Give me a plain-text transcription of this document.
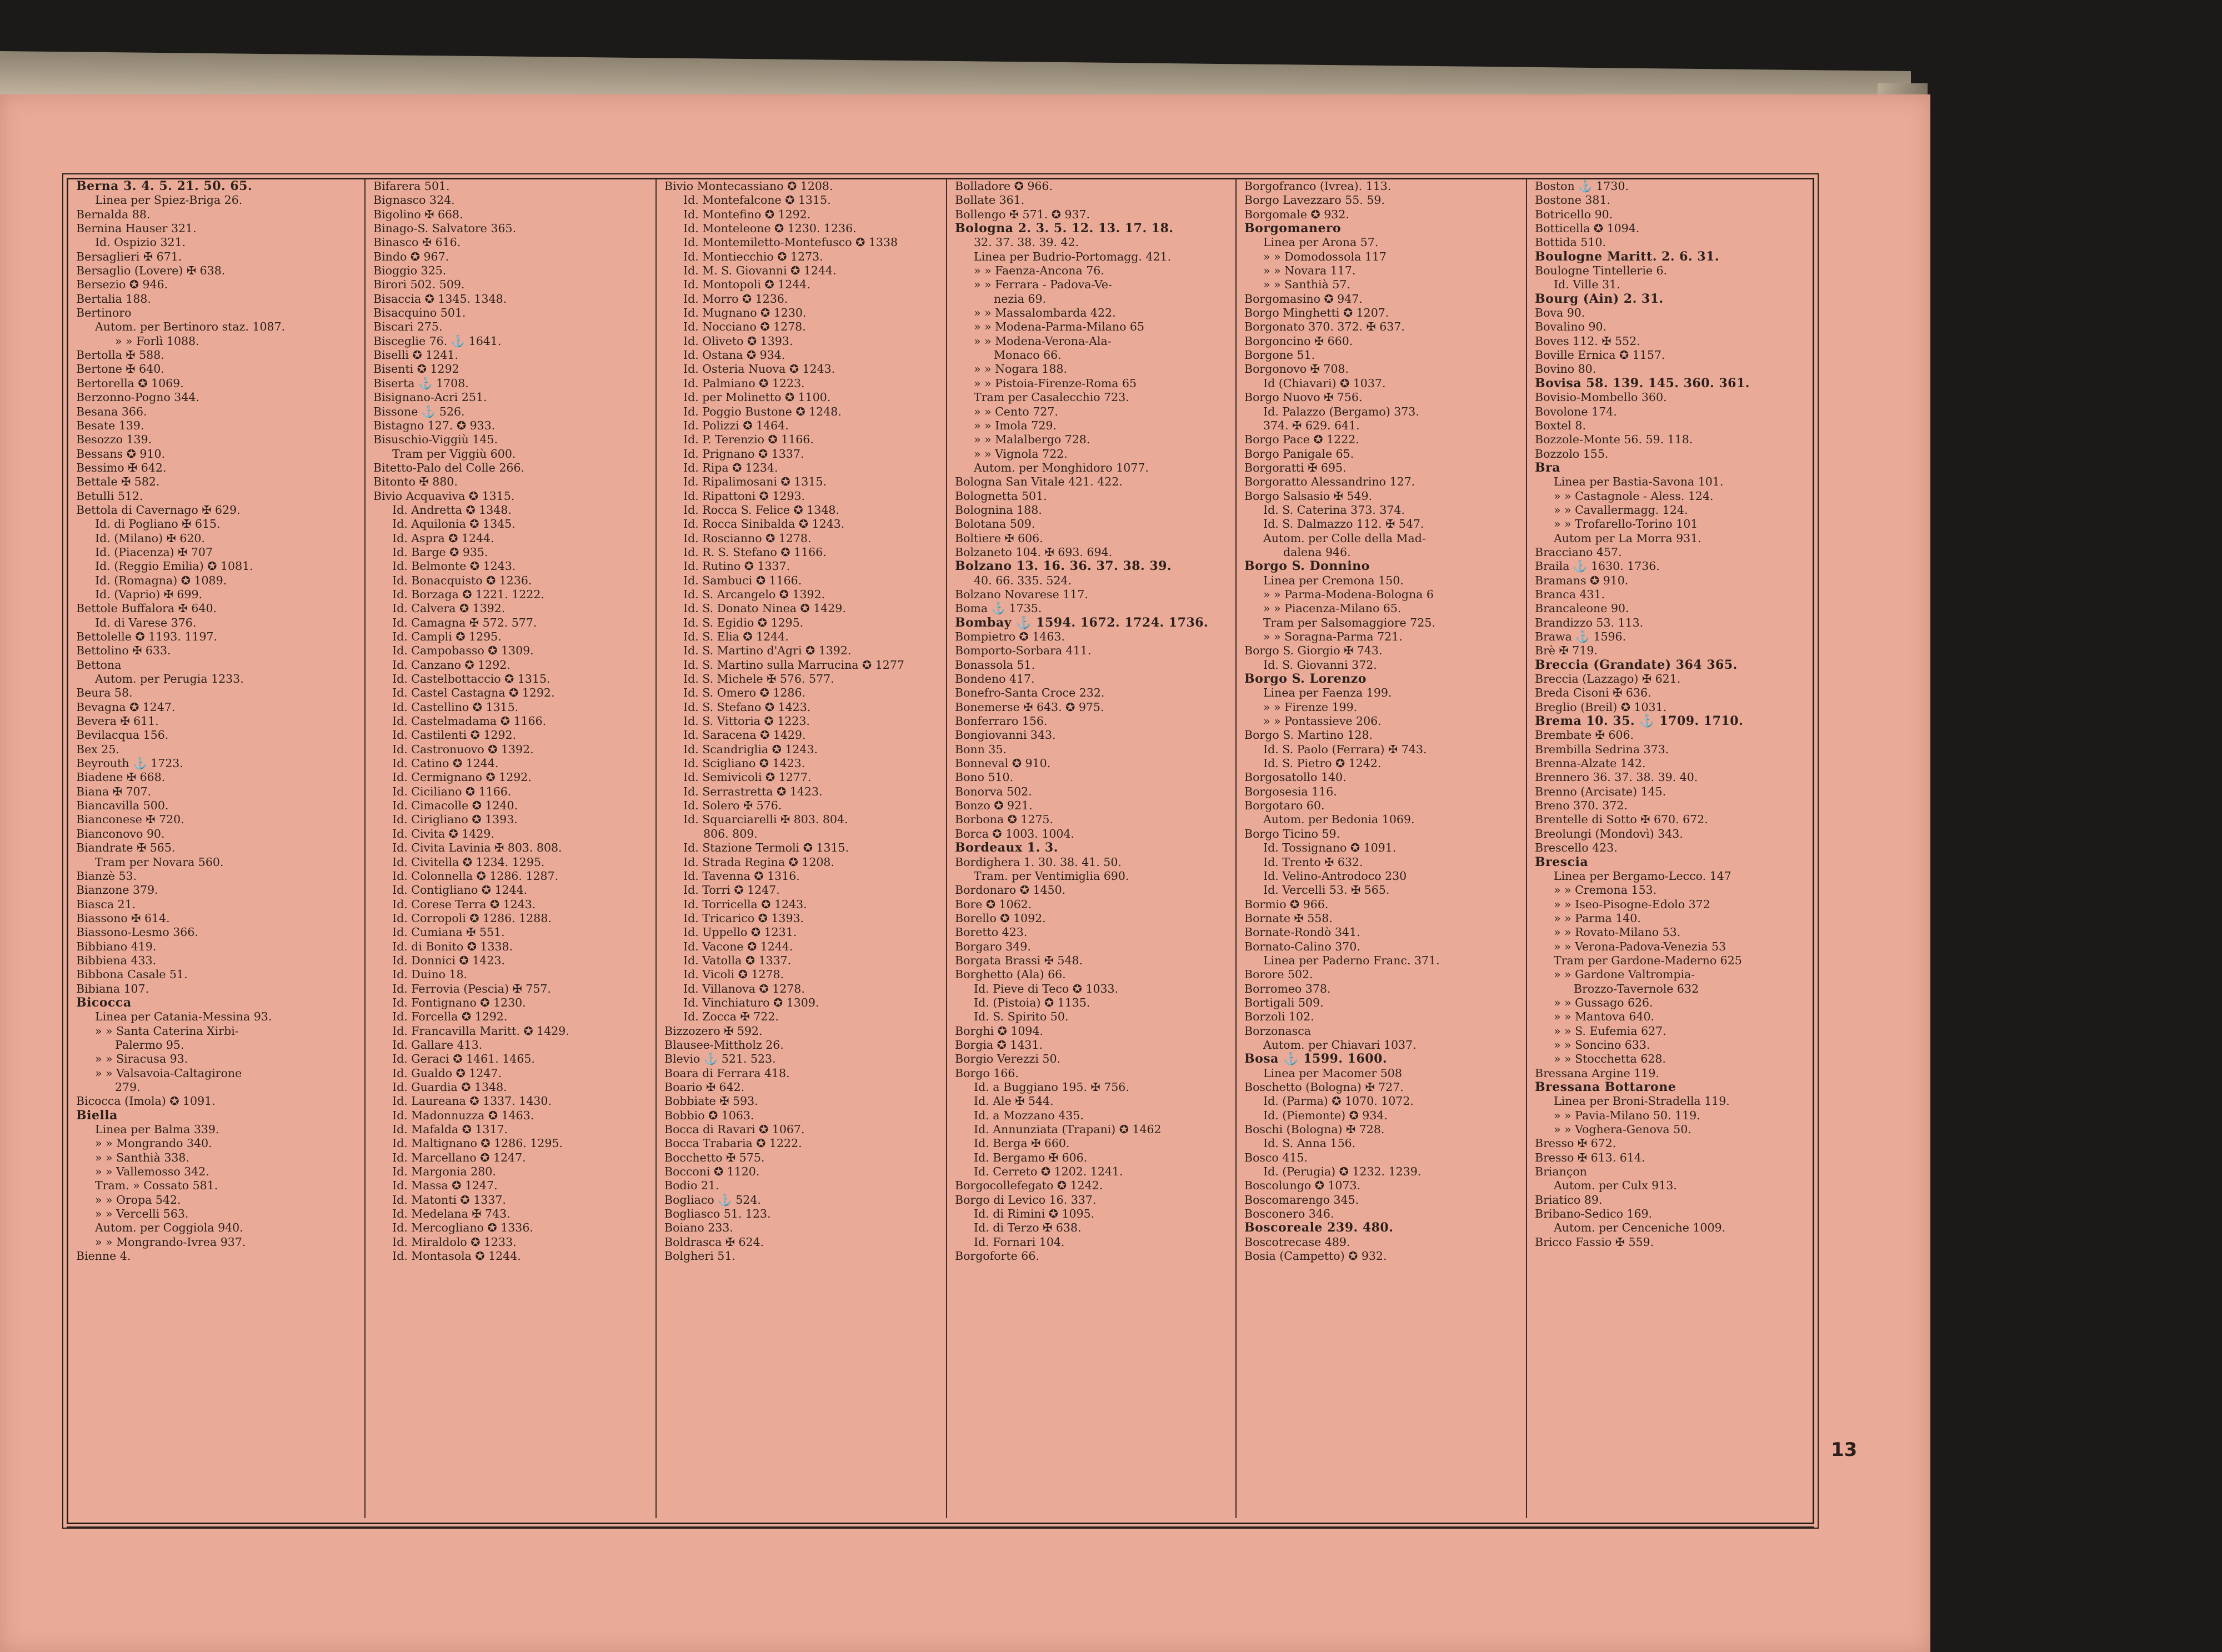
Berna 3. 4. 5. 21. 50. 65.
Linea per Spiez-Briga 26.
Bernalda 88.
Bernina Hauser 321.
Id. Ospizio 321.
Bersaglieri ✠ 671.
Bersaglio (Lovere) ✠ 638.
Bersezio ✪ 946.
Bertalia 188.
Bertinoro
Autom. per Bertinoro staz. 1087.
» » Forlì 1088.
Bertolla ✠ 588.
Bertone ✠ 640.
Bertorella ✪ 1069.
Berzonno-Pogno 344.
Besana 366.
Besate 139.
Besozzo 139.
Bessans ✪ 910.
Bessimo ✠ 642.
Bettale ✠ 582.
Betulli 512.
Bettola di Cavernago ✠ 629.
Id. di Pogliano ✠ 615.
Id. (Milano) ✠ 620.
Id. (Piacenza) ✠ 707
Id. (Reggio Emilia) ✪ 1081.
Id. (Romagna) ✪ 1089.
Id. (Vaprio) ✠ 699.
Bettole Buffalora ✠ 640.
Id. di Varese 376.
Bettolelle ✪ 1193. 1197.
Bettolino ✠ 633.
Bettona
Autom. per Perugia 1233.
Beura 58.
Bevagna ✪ 1247.
Bevera ✠ 611.
Bevilacqua 156.
Bex 25.
Beyrouth ⚓ 1723.
Biadene ✠ 668.
Biana ✠ 707.
Biancavilla 500.
Bianconese ✠ 720.
Bianconovo 90.
Biandrate ✠ 565.
Tram per Novara 560.
Bianzè 53.
Bianzone 379.
Biasca 21.
Biassono ✠ 614.
Biassono-Lesmo 366.
Bibbiano 419.
Bibbiena 433.
Bibbona Casale 51.
Bibiana 107.
Bicocca
Linea per Catania-Messina 93.
» » Santa Caterina Xirbi-
Palermo 95.
» » Siracusa 93.
» » Valsavoia-Caltagirone
279.
Bicocca (Imola) ✪ 1091.
Biella
Linea per Balma 339.
» » Mongrando 340.
» » Santhià 338.
» » Vallemosso 342.
Tram. » Cossato 581.
» » Oropa 542.
» » Vercelli 563.
Autom. per Coggiola 940.
» » Mongrando-Ivrea 937.
Bienne 4.
Bifarera 501.
Bignasco 324.
Bigolino ✠ 668.
Binago-S. Salvatore 365.
Binasco ✠ 616.
Bindo ✪ 967.
Bioggio 325.
Birori 502. 509.
Bisaccia ✪ 1345. 1348.
Bisacquino 501.
Biscari 275.
Bisceglie 76. ⚓ 1641.
Biselli ✪ 1241.
Bisenti ✪ 1292
Biserta ⚓ 1708.
Bisignano-Acri 251.
Bissone ⚓ 526.
Bistagno 127. ✪ 933.
Bisuschio-Viggiù 145.
Tram per Viggiù 600.
Bitetto-Palo del Colle 266.
Bitonto ✠ 880.
Bivio Acquaviva ✪ 1315.
Id. Andretta ✪ 1348.
Id. Aquilonia ✪ 1345.
Id. Aspra ✪ 1244.
Id. Barge ✪ 935.
Id. Belmonte ✪ 1243.
Id. Bonacquisto ✪ 1236.
Id. Borzaga ✪ 1221. 1222.
Id. Calvera ✪ 1392.
Id. Camagna ✠ 572. 577.
Id. Campli ✪ 1295.
Id. Campobasso ✪ 1309.
Id. Canzano ✪ 1292.
Id. Castelbottaccio ✪ 1315.
Id. Castel Castagna ✪ 1292.
Id. Castellino ✪ 1315.
Id. Castelmadama ✪ 1166.
Id. Castilenti ✪ 1292.
Id. Castronuovo ✪ 1392.
Id. Catino ✪ 1244.
Id. Cermignano ✪ 1292.
Id. Ciciliano ✪ 1166.
Id. Cimacolle ✪ 1240.
Id. Cirigliano ✪ 1393.
Id. Civita ✪ 1429.
Id. Civita Lavinia ✠ 803. 808.
Id. Civitella ✪ 1234. 1295.
Id. Colonnella ✪ 1286. 1287.
Id. Contigliano ✪ 1244.
Id. Corese Terra ✪ 1243.
Id. Corropoli ✪ 1286. 1288.
Id. Cumiana ✠ 551.
Id. di Bonito ✪ 1338.
Id. Donnici ✪ 1423.
Id. Duino 18.
Id. Ferrovia (Pescia) ✠ 757.
Id. Fontignano ✪ 1230.
Id. Forcella ✪ 1292.
Id. Francavilla Maritt. ✪ 1429.
Id. Gallare 413.
Id. Geraci ✪ 1461. 1465.
Id. Gualdo ✪ 1247.
Id. Guardia ✪ 1348.
Id. Laureana ✪ 1337. 1430.
Id. Madonnuzza ✪ 1463.
Id. Mafalda ✪ 1317.
Id. Maltignano ✪ 1286. 1295.
Id. Marcellano ✪ 1247.
Id. Margonia 280.
Id. Massa ✪ 1247.
Id. Matonti ✪ 1337.
Id. Medelana ✠ 743.
Id. Mercogliano ✪ 1336.
Id. Miraldolo ✪ 1233.
Id. Montasola ✪ 1244.
Bivio Montecassiano ✪ 1208.
Id. Montefalcone ✪ 1315.
Id. Montefino ✪ 1292.
Id. Monteleone ✪ 1230. 1236.
Id. Montemiletto-Montefusco ✪ 1338
Id. Montiecchio ✪ 1273.
Id. M. S. Giovanni ✪ 1244.
Id. Montopoli ✪ 1244.
Id. Morro ✪ 1236.
Id. Mugnano ✪ 1230.
Id. Nocciano ✪ 1278.
Id. Oliveto ✪ 1393.
Id. Ostana ✪ 934.
Id. Osteria Nuova ✪ 1243.
Id. Palmiano ✪ 1223.
Id. per Molinetto ✪ 1100.
Id. Poggio Bustone ✪ 1248.
Id. Polizzi ✪ 1464.
Id. P. Terenzio ✪ 1166.
Id. Prignano ✪ 1337.
Id. Ripa ✪ 1234.
Id. Ripalimosani ✪ 1315.
Id. Ripattoni ✪ 1293.
Id. Rocca S. Felice ✪ 1348.
Id. Rocca Sinibalda ✪ 1243.
Id. Roscianno ✪ 1278.
Id. R. S. Stefano ✪ 1166.
Id. Rutino ✪ 1337.
Id. Sambuci ✪ 1166.
Id. S. Arcangelo ✪ 1392.
Id. S. Donato Ninea ✪ 1429.
Id. S. Egidio ✪ 1295.
Id. S. Elia ✪ 1244.
Id. S. Martino d'Agri ✪ 1392.
Id. S. Martino sulla Marrucina ✪ 1277
Id. S. Michele ✠ 576. 577.
Id. S. Omero ✪ 1286.
Id. S. Stefano ✪ 1423.
Id. S. Vittoria ✪ 1223.
Id. Saracena ✪ 1429.
Id. Scandriglia ✪ 1243.
Id. Scigliano ✪ 1423.
Id. Semivicoli ✪ 1277.
Id. Serrastretta ✪ 1423.
Id. Solero ✠ 576.
Id. Squarciarelli ✠ 803. 804.
806. 809.
Id. Stazione Termoli ✪ 1315.
Id. Strada Regina ✪ 1208.
Id. Tavenna ✪ 1316.
Id. Torri ✪ 1247.
Id. Torricella ✪ 1243.
Id. Tricarico ✪ 1393.
Id. Uppello ✪ 1231.
Id. Vacone ✪ 1244.
Id. Vatolla ✪ 1337.
Id. Vicoli ✪ 1278.
Id. Villanova ✪ 1278.
Id. Vinchiaturo ✪ 1309.
Id. Zocca ✠ 722.
Bizzozero ✠ 592.
Blausee-Mittholz 26.
Blevio ⚓ 521. 523.
Boara di Ferrara 418.
Boario ✠ 642.
Bobbiate ✠ 593.
Bobbio ✪ 1063.
Bocca di Ravari ✪ 1067.
Bocca Trabaria ✪ 1222.
Bocchetto ✠ 575.
Bocconi ✪ 1120.
Bodio 21.
Bogliaco ⚓ 524.
Bogliasco 51. 123.
Boiano 233.
Boldrasca ✠ 624.
Bolgheri 51.
Bolladore ✪ 966.
Bollate 361.
Bollengo ✠ 571. ✪ 937.
Bologna 2. 3. 5. 12. 13. 17. 18.
32. 37. 38. 39. 42.
Linea per Budrio-Portomagg. 421.
» » Faenza-Ancona 76.
» » Ferrara - Padova-Ve-
nezia 69.
» » Massalombarda 422.
» » Modena-Parma-Milano 65
» » Modena-Verona-Ala-
Monaco 66.
» » Nogara 188.
» » Pistoia-Firenze-Roma 65
Tram per Casalecchio 723.
» » Cento 727.
» » Imola 729.
» » Malalbergo 728.
» » Vignola 722.
Autom. per Monghidoro 1077.
Bologna San Vitale 421. 422.
Bolognetta 501.
Bolognina 188.
Bolotana 509.
Boltiere ✠ 606.
Bolzaneto 104. ✠ 693. 694.
Bolzano 13. 16. 36. 37. 38. 39.
40. 66. 335. 524.
Bolzano Novarese 117.
Boma ⚓ 1735.
Bombay ⚓ 1594. 1672. 1724. 1736.
Bompietro ✪ 1463.
Bomporto-Sorbara 411.
Bonassola 51.
Bondeno 417.
Bonefro-Santa Croce 232.
Bonemerse ✠ 643. ✪ 975.
Bonferraro 156.
Bongiovanni 343.
Bonn 35.
Bonneval ✪ 910.
Bono 510.
Bonorva 502.
Bonzo ✪ 921.
Borbona ✪ 1275.
Borca ✪ 1003. 1004.
Bordeaux 1. 3.
Bordighera 1. 30. 38. 41. 50.
Tram. per Ventimiglia 690.
Bordonaro ✪ 1450.
Bore ✪ 1062.
Borello ✪ 1092.
Boretto 423.
Borgaro 349.
Borgata Brassi ✠ 548.
Borghetto (Ala) 66.
Id. Pieve di Teco ✪ 1033.
Id. (Pistoia) ✪ 1135.
Id. S. Spirito 50.
Borghi ✪ 1094.
Borgia ✪ 1431.
Borgio Verezzi 50.
Borgo 166.
Id. a Buggiano 195. ✠ 756.
Id. Ale ✠ 544.
Id. a Mozzano 435.
Id. Annunziata (Trapani) ✪ 1462
Id. Berga ✠ 660.
Id. Bergamo ✠ 606.
Id. Cerreto ✪ 1202. 1241.
Borgocollefegato ✪ 1242.
Borgo di Levico 16. 337.
Id. di Rimini ✪ 1095.
Id. di Terzo ✠ 638.
Id. Fornari 104.
Borgoforte 66.
Borgofranco (Ivrea). 113.
Borgo Lavezzaro 55. 59.
Borgomale ✪ 932.
Borgomanero
Linea per Arona 57.
» » Domodossola 117
» » Novara 117.
» » Santhià 57.
Borgomasino ✪ 947.
Borgo Minghetti ✪ 1207.
Borgonato 370. 372. ✠ 637.
Borgoncino ✠ 660.
Borgone 51.
Borgonovo ✠ 708.
Id (Chiavari) ✪ 1037.
Borgo Nuovo ✠ 756.
Id. Palazzo (Bergamo) 373.
374. ✠ 629. 641.
Borgo Pace ✪ 1222.
Borgo Panigale 65.
Borgoratti ✠ 695.
Borgoratto Alessandrino 127.
Borgo Salsasio ✠ 549.
Id. S. Caterina 373. 374.
Id. S. Dalmazzo 112. ✠ 547.
Autom. per Colle della Mad-
dalena 946.
Borgo S. Donnino
Linea per Cremona 150.
» » Parma-Modena-Bologna 6
» » Piacenza-Milano 65.
Tram per Salsomaggiore 725.
» » Soragna-Parma 721.
Borgo S. Giorgio ✠ 743.
Id. S. Giovanni 372.
Borgo S. Lorenzo
Linea per Faenza 199.
» » Firenze 199.
» » Pontassieve 206.
Borgo S. Martino 128.
Id. S. Paolo (Ferrara) ✠ 743.
Id. S. Pietro ✪ 1242.
Borgosatollo 140.
Borgosesia 116.
Borgotaro 60.
Autom. per Bedonia 1069.
Borgo Ticino 59.
Id. Tossignano ✪ 1091.
Id. Trento ✠ 632.
Id. Velino-Antrodoco 230
Id. Vercelli 53. ✠ 565.
Bormio ✪ 966.
Bornate ✠ 558.
Bornate-Rondò 341.
Bornato-Calino 370.
Linea per Paderno Franc. 371.
Borore 502.
Borromeo 378.
Bortigali 509.
Borzoli 102.
Borzonasca
Autom. per Chiavari 1037.
Bosa ⚓ 1599. 1600.
Linea per Macomer 508
Boschetto (Bologna) ✠ 727.
Id. (Parma) ✪ 1070. 1072.
Id. (Piemonte) ✪ 934.
Boschi (Bologna) ✠ 728.
Id. S. Anna 156.
Bosco 415.
Id. (Perugia) ✪ 1232. 1239.
Boscolungo ✪ 1073.
Boscomarengo 345.
Bosconero 346.
Boscoreale 239. 480.
Boscotrecase 489.
Bosia (Campetto) ✪ 932.
Boston ⚓ 1730.
Bostone 381.
Botricello 90.
Botticella ✪ 1094.
Bottida 510.
Boulogne Maritt. 2. 6. 31.
Boulogne Tintellerie 6.
Id. Ville 31.
Bourg (Ain) 2. 31.
Bova 90.
Bovalino 90.
Boves 112. ✠ 552.
Boville Ernica ✪ 1157.
Bovino 80.
Bovisa 58. 139. 145. 360. 361.
Bovisio-Mombello 360.
Bovolone 174.
Boxtel 8.
Bozzole-Monte 56. 59. 118.
Bozzolo 155.
Bra
Linea per Bastia-Savona 101.
» » Castagnole - Aless. 124.
» » Cavallermagg. 124.
» » Trofarello-Torino 101
Autom per La Morra 931.
Bracciano 457.
Braila ⚓ 1630. 1736.
Bramans ✪ 910.
Branca 431.
Brancaleone 90.
Brandizzo 53. 113.
Brawa ⚓ 1596.
Brè ✠ 719.
Breccia (Grandate) 364 365.
Breccia (Lazzago) ✠ 621.
Breda Cisoni ✠ 636.
Breglio (Breil) ✪ 1031.
Brema 10. 35. ⚓ 1709. 1710.
Brembate ✠ 606.
Brembilla Sedrina 373.
Brenna-Alzate 142.
Brennero 36. 37. 38. 39. 40.
Brenno (Arcisate) 145.
Breno 370. 372.
Brentelle di Sotto ✠ 670. 672.
Breolungi (Mondovì) 343.
Brescello 423.
Brescia
Linea per Bergamo-Lecco. 147
» » Cremona 153.
» » Iseo-Pisogne-Edolo 372
» » Parma 140.
» » Rovato-Milano 53.
» » Verona-Padova-Venezia 53
Tram per Gardone-Maderno 625
» » Gardone Valtrompia-
Brozzo-Tavernole 632
» » Gussago 626.
» » Mantova 640.
» » S. Eufemia 627.
» » Soncino 633.
» » Stocchetta 628.
Bressana Argine 119.
Bressana Bottarone
Linea per Broni-Stradella 119.
» » Pavia-Milano 50. 119.
» » Voghera-Genova 50.
Bresso ✠ 672.
Bresso ✠ 613. 614.
Briançon
Autom. per Culx 913.
Briatico 89.
Bribano-Sedico 169.
Autom. per Cenceniche 1009.
Bricco Fassio ✠ 559.
13
